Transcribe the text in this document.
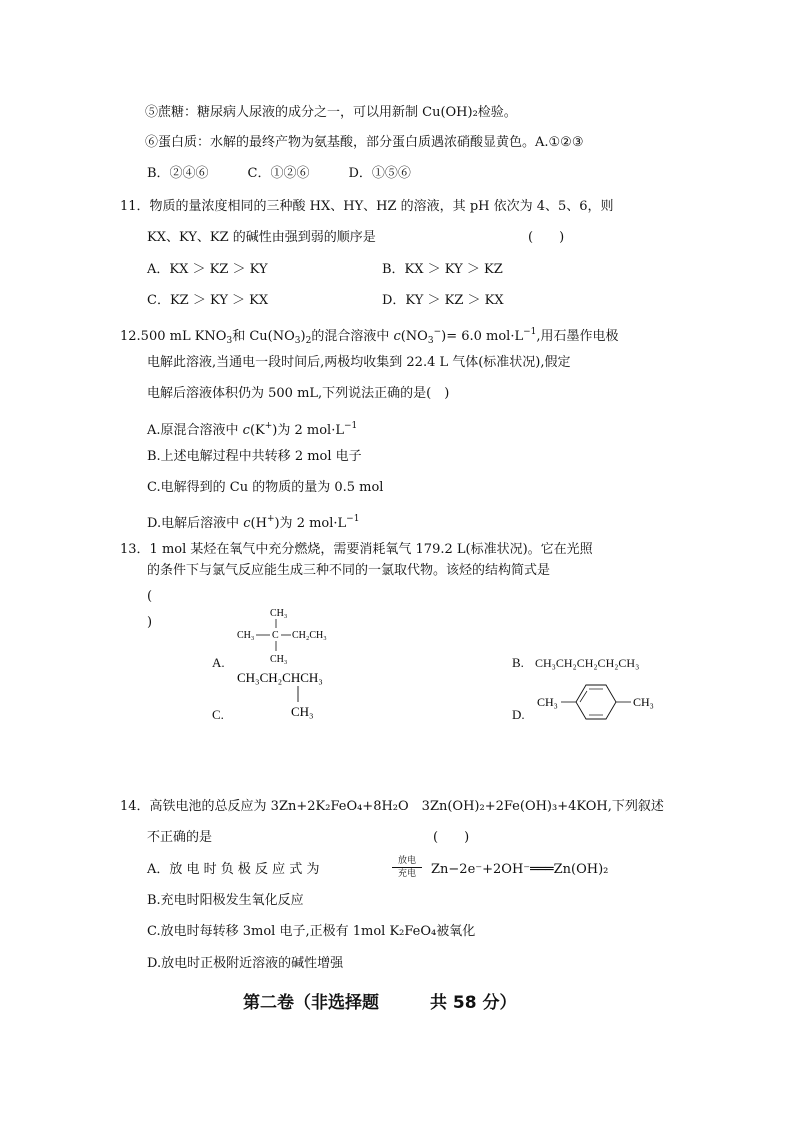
⑤蔗糖：糖尿病人尿液的成分之一，可以用新制 Cu(OH)₂检验。
⑥蛋白质：水解的最终产物为氨基酸，部分蛋白质遇浓硝酸显黄色。A.①②③
B．②④⑥　　　C．①②⑥　　　D．①⑤⑥
11．物质的量浓度相同的三种酸 HX、HY、HZ 的溶液，其 pH 依次为 4、5、6，则
KX、KY、KZ 的碱性由强到弱的顺序是	(　　)
A．KX ＞ KZ ＞ KY	B．KX ＞ KY ＞ KZ
C．KZ ＞ KY ＞ KX	D．KY ＞ KZ ＞ KX
12.500 mL $KNO_3$和 $Cu(NO_3)_2$的混合溶液中 $c(NO_3^-)= 6.0$ $mol\cdot L^{-1}$,用石墨作电极
电解此溶液,当通电一段时间后,两极均收集到 22.4 L 气体(标准状况),假定
电解后溶液体积仍为 500 mL,下列说法正确的是(　)
A.原混合溶液中 c(K+)为 2 $mol\cdot L^{-1}$
B.上述电解过程中共转移 2 mol 电子
C.电解得到的 Cu 的物质的量为 0.5 mol
D.电解后溶液中 c(H+)为 2 $mol\cdot L^{-1}$
13．1 mol 某烃在氧气中充分燃烧，需要消耗氧气 179.2 L(标准状况)。它在光照
的条件下与氯气反应能生成三种不同的一氯取代物。该烃的结构简式是
(
)
A.
CH₃
CH₃ C CH₂CH₃
CH₃	B. CH₃CH₂CH₂CH₂CH₃
CH₃CH₂CHCH₃
CH₃
C.	D.
CH₃	CH₃
14．高铁电池的总反应为 3Zn+2K₂FeO₄+8H₂O　3Zn(OH)₂+2Fe(OH)₃+4KOH,下列叙述
不正确的是	(　　)
A．放 电 时 负 极 反 应 式 为
放电
充电	Zn−2e⁻+2OH⁻═══Zn(OH)₂
B.充电时阳极发生氧化反应
C.放电时每转移 3mol 电子,正极有 1mol K₂FeO₄被氧化
D.放电时正极附近溶液的碱性增强
第二卷（非选择题　　　共 58 分）
